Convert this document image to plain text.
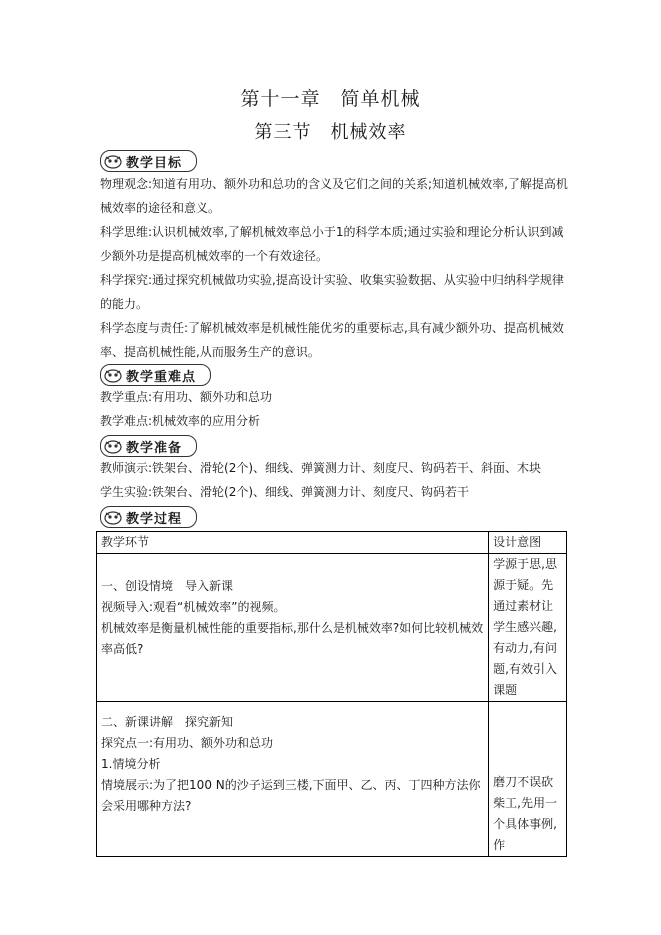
第十一章　简单机械
第三节　机械效率
教学目标

物理观念:知道有用功、额外功和总功的含义及它们之间的关系;知道机械效率,了解提高机械效率的途径和意义。

科学思维:认识机械效率,了解机械效率总小于1的科学本质;通过实验和理论分析认识到减少额外功是提高机械效率的一个有效途径。

科学探究:通过探究机械做功实验,提高设计实验、收集实验数据、从实验中归纳科学规律的能力。

科学态度与责任:了解机械效率是机械性能优劣的重要标志,具有减少额外功、提高机械效率、提高机械性能,从而服务生产的意识。

教学重难点

教学重点:有用功、额外功和总功

教学难点:机械效率的应用分析

教学准备

教师演示:铁架台、滑轮(2个)、细线、弹簧测力计、刻度尺、钩码若干、斜面、木块

学生实验:铁架台、滑轮(2个)、细线、弹簧测力计、刻度尺、钩码若干

教学过程
教学环节	设计意图

一、创设情境　导入新课
视频导入:观看“机械效率”的视频。
机械效率是衡量机械性能的重要指标,那什么是机械效率?如何比较机械效率高低?	学源于思,思源于疑。先通过素材让学生感兴趣,有动力,有问题,有效引入课题

二、新课讲解　探究新知
探究点一:有用功、额外功和总功
1.情境分析
情境展示:为了把100 N的沙子运到三楼,下面甲、乙、丙、丁四种方法你会采用哪种方法?	磨刀不误砍柴工,先用一个具体事例,作
